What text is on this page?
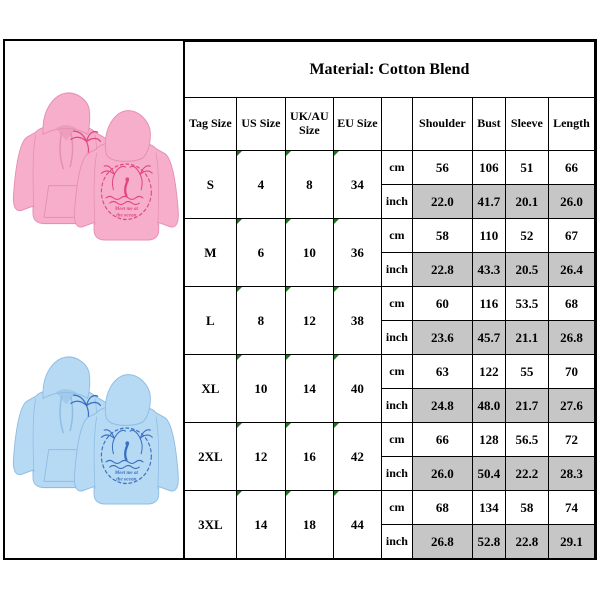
Meet me at
the ocean
Meet me at
the ocean
Material: Cotton Blend								
Tag Size	US Size	UK/AU Size	EU Size		Shoulder	Bust	Sleeve	Length
S	4	8	34	cm	56	106	51	66
				inch	22.0	41.7	20.1	26.0
M	6	10	36	cm	58	110	52	67
				inch	22.8	43.3	20.5	26.4
L	8	12	38	cm	60	116	53.5	68
				inch	23.6	45.7	21.1	26.8
XL	10	14	40	cm	63	122	55	70
				inch	24.8	48.0	21.7	27.6
2XL	12	16	42	cm	66	128	56.5	72
				inch	26.0	50.4	22.2	28.3
3XL	14	18	44	cm	68	134	58	74
				inch	26.8	52.8	22.8	29.1
